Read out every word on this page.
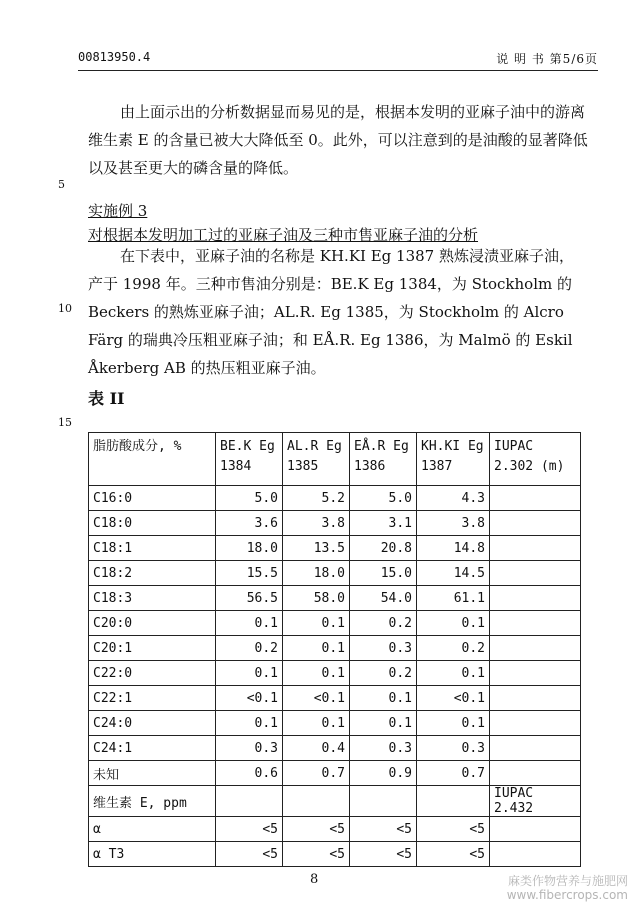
00813950.4	说 明 书 第5/6页

由上面示出的分析数据显而易见的是，根据本发明的亚麻子油中的游离维生素 E 的含量已被大大降低至 0。此外，可以注意到的是油酸的显著降低以及甚至更大的磷含量的降低。

5
实施例 3
对根据本发明加工过的亚麻子油及三种市售亚麻子油的分析

在下表中，亚麻子油的名称是 KH.KI Eg 1387 熟炼浸渍亚麻子油，产于 1998 年。三种市售油分别是：BE.K Eg 1384，为 Stockholm 的 Beckers 的熟炼亚麻子油；AL.R. Eg 1385，为 Stockholm 的 Alcro Färg 的瑞典冷压粗亚麻子油；和 EÅ.R. Eg 1386，为 Malmö 的 Eskil Åkerberg AB 的热压粗亚麻子油。

10
表 II
15
脂肪酸成分, %	BE.K Eg 1384	AL.R Eg 1385	EÅ.R Eg 1386	KH.KI Eg 1387	IUPAC 2.302 (m)
C16:0	5.0	5.2	5.0	4.3	
C18:0	3.6	3.8	3.1	3.8	
C18:1	18.0	13.5	20.8	14.8	
C18:2	15.5	18.0	15.0	14.5	
C18:3	56.5	58.0	54.0	61.1	
C20:0	0.1	0.1	0.2	0.1	
C20:1	0.2	0.1	0.3	0.2	
C22:0	0.1	0.1	0.2	0.1	
C22:1	<0.1	<0.1	0.1	<0.1	
C24:0	0.1	0.1	0.1	0.1	
C24:1	0.3	0.4	0.3	0.3	
未知	0.6	0.7	0.9	0.7	
维生素 E, ppm					IUPAC 2.432
α	<5	<5	<5	<5	
α T3	<5	<5	<5	<5	
8	麻类作物营养与施肥网
www.fibercrops.com
